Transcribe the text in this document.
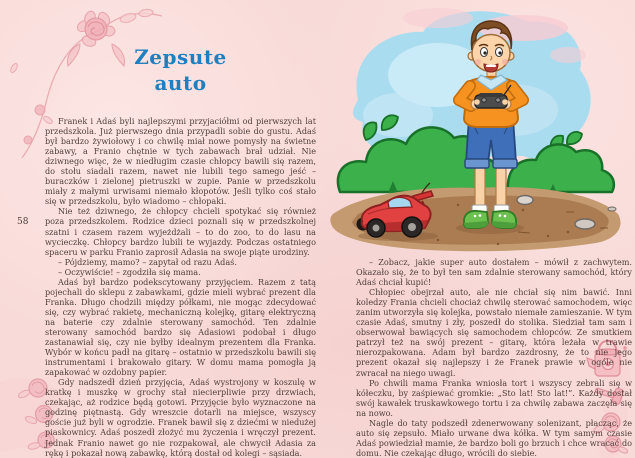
58
Zepsute
auto

Franek i Adaś byli najlepszymi przyjaciółmi od pierwszych lat przedszkola. Już pierwszego dnia przypadli sobie do gustu. Adaś był bardzo żywiołowy i co chwilę miał nowe pomysły na świetne zabawy, a Franio chętnie w tych zabawach brał udział. Nie dziwnego więc, że w niedługim czasie chłopcy bawili się razem, do stołu siadali razem, nawet nie lubili tego samego jeść – buraczków i zielonej pietruszki w zupie. Panie w przedszkolu miały z małymi urwisami niemało kłopotów. Jeśli tylko coś stało się w przedszkolu, było wiadomo – chłopaki.

Nie też dziwnego, że chłopcy chcieli spotykać się również poza przedszkolem. Rodzice dzieci poznali się w przedszkolnej szatni i czasem razem wyjeżdżali – to do zoo, to do lasu na wycieczkę. Chłopcy bardzo lubili te wyjazdy. Podczas ostatniego spaceru w parku Franio zaprosił Adasia na swoje piąte urodziny.

– Pójdziemy, mamo? – zapytał od razu Adaś.

– Oczywiście! – zgodziła się mama.

Adaś był bardzo podekscytowany przyjęciem. Razem z tatą pojechali do sklepu z zabawkami, gdzie mieli wybrać prezent dla Franka. Długo chodzili między półkami, nie mogąc zdecydować się, czy wybrać rakietę, mechaniczną kolejkę, gitarę elektryczną na baterie czy zdalnie sterowany samochód. Ten zdalnie sterowany samochód bardzo się Adasiowi podobał i długo zastanawiał się, czy nie byłby idealnym prezentem dla Franka. Wybór w końcu padł na gitarę – ostatnio w przedszkolu bawili się instrumentami i brakowało gitary. W domu mama pomogła ją zapakować w ozdobny papier.

Gdy nadszedł dzień przyjęcia, Adaś wystrojony w koszulę w kratkę i muszkę w grochy stał niecierpliwie przy drzwiach, czekając, aż rodzice będą gotowi. Przyjęcie było wyznaczone na godzinę piętnastą. Gdy wreszcie dotarli na miejsce, wszyscy goście już byli w ogrodzie. Franek bawił się z dziećmi w niedużej piaskownicy. Adaś poszedł złożyć mu życzenia i wręczył prezent. Jednak Franio nawet go nie rozpakował, ale chwycił Adasia za rękę i pokazał nową zabawkę, którą dostał od kolegi – sąsiada.

– Zobacz, jakie super auto dostałem – mówił z zachwytem. Okazało się, że to był ten sam zdalnie sterowany samochód, który Adaś chciał kupić!

Chłopiec obejrzał auto, ale nie chciał się nim bawić. Inni koledzy Frania chcieli chociaż chwilę sterować samochodem, więc zanim utworzyła się kolejka, powstało niemałe zamieszanie. W tym czasie Adaś, smutny i zły, poszedł do stolika. Siedział tam sam i obserwował bawiących się samochodem chłopców. Ze smutkiem patrzył też na swój prezent – gitarę, która leżała w trawie nierozpakowana. Adam był bardzo zazdrosny, że to nie jego prezent okazał się najlepszy i że Franek prawie w ogóle nie zwracał na niego uwagi.

Po chwili mama Franka wniosła tort i wszyscy zebrali się w kółeczku, by zaśpiewać gromkie: „Sto lat! Sto lat!”. Każdy dostał swój kawałek truskawkowego tortu i za chwilę zabawa zaczęła się na nowo.

Nagle do taty podszedł zdenerwowany solenizant, płacząc, że auto się zepsuło. Miało urwane dwa kółka. W tym samym czasie Adaś powiedział mamie, że bardzo boli go brzuch i chce wracać do domu. Nie czekając długo, wrócili do siebie.
